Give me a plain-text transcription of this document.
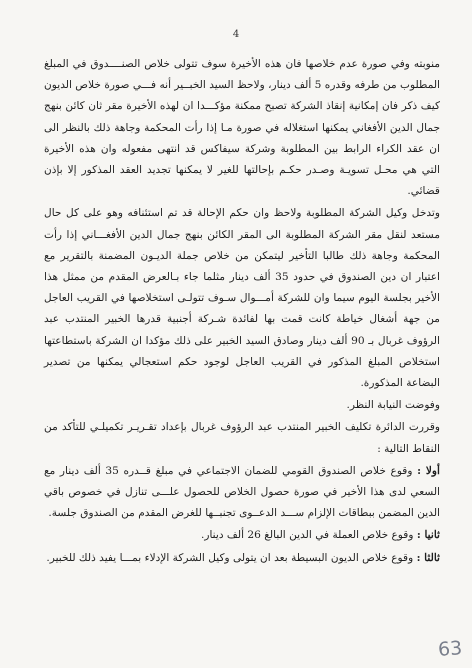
4

منوبته وفي صورة عدم خلاصها فان هذه الأخيرة سوف تتولى خلاص الصنــــدوق في المبلغ المطلوب من طرفه وقدره 5 ألف دينار، ولاحظ السيد الخبــير أنه فـــي صورة خلاص الديون كيف ذكر فان إمكانية إنقاذ الشركة تصبح ممكنة مؤكـــدا ان لهذه الأخيرة مقر ثان كائن بنهج جمال الدين الأفغاني يمكنها استغلاله في صورة مـا إذا رأت المحكمة وجاهة ذلك بالنظر الى ان عقد الكراء الرابط بين المطلوبة وشركة سيفاكس قد انتهى مفعوله وان هذه الأخيرة التي هي محـل تسويـة وصـدر حكـم بإحالتها للغير لا يمكنها تجديد العقد المذكور إلا بإذن قضائي.

وتدخل وكيل الشركة المطلوبة ولاحظ وان حكم الإحالة قد تم استئنافه وهو على كل حال مستعد لنقل مقر الشركة المطلوبة الى المقر الكائن بنهج جمال الدين الأفغـــاني إذا رأت المحكمة وجاهة ذلك طالبا التأخير ليتمكن من خلاص جملة الديـون المضمنة بالتقرير مع اعتبار ان دين الصندوق في حدود 35 ألف دينار مثلما جاء بـالعرض المقدم من ممثل هذا الأخير بجلسة اليوم سيما وان للشركة أمـــوال سـوف تتولـى استخلاصها في القريب العاجل من جهة أشغال خياطة كانت قمت بها لفائدة شـركة أجنبية قدرها الخبير المنتدب عبد الرؤوف غربال بـ 90 ألف دينار وصادق السيد الخبير على ذلك مؤكدا ان الشركة باستطاعتها استخلاص المبلغ المذكور في القريب العاجل لوجود حكم استعجالي يمكنها من تصدير البضاعة المذكورة.

وفوضت النيابة النظر.

وقررت الدائرة تكليف الخبير المنتدب عبد الرؤوف غربال بإعداد تقـريـر تكميلـي للتأكد من النقاط التالية :

أولا : وقوع خلاص الصندوق القومي للضمان الاجتماعي في مبلغ قــدره 35 ألف دينار مع السعي لدى هذا الأخير في صورة حصول الخلاص للحصول علـــى تنازل في خصوص باقي الدين المضمن ببطاقات الإلزام ســـد الدعــوى تجنبــها للغرض المقدم من الصندوق جلسة.

ثانيا : وقوع خلاص العملة في الدين البالغ 26 ألف دينار.

ثالثا : وقوع خلاص الديون البسيطة بعد ان يتولى وكيل الشركة الإدلاء بمـــا يفيد ذلك للخبير.

63
